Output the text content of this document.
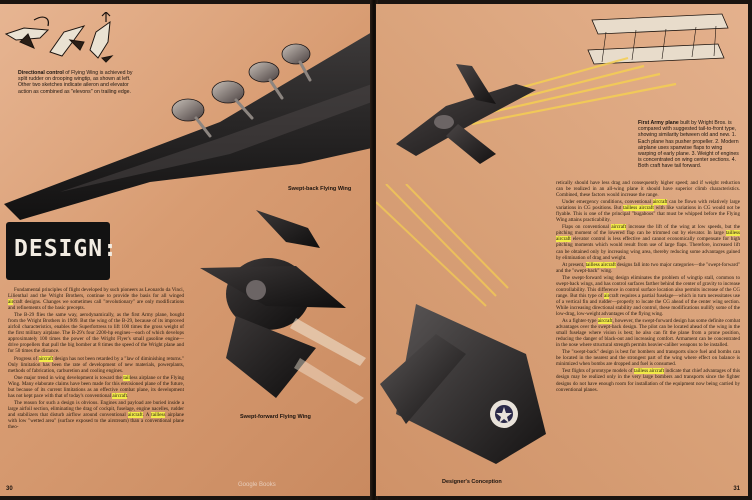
Directional control of Flying Wing is achieved by split rudder on drooping wingtip, as shown at left. Other two sketches indicate aileron and elevator action as combined as "elevons" on trailing edge.
Swept-back Flying Wing
DESIGN:
Swept-forward Flying Wing

Fundamental principles of flight developed by such pioneers as Leonardo da Vinci, Lilienthal and the Wright Brothers, continue to provide the basis for all winged aircraft designs. Changes we sometimes call "revolutionary" are only modifications and refinements of the basic precepts.

The B-29 flies the same way, aerodynamically, as the first Army plane, bought from the Wright Brothers in 1909. But the wing of the B-29, because of its improved airfoil characteristics, enables the Superfortress to lift 100 times the gross weight of the first military airplane. The B-29's four 2200-hp engines—each of which develops approximately 100 times the power of the Wright Flyer's small gasoline engine—drive propellers that pull the big bomber at 8 times the speed of the Wright plane and for 50 times the distance.

Progress of aircraft design has not been retarded by a "law of diminishing returns." Only limitation has been the rate of development of new materials, powerplants, methods of fabrication, carburetion and cooling engines.

One major trend in wing development is toward the tailless airplane or the Flying Wing. Many elaborate claims have been made for this envisioned plane of the future, but because of its current limitations as an effective combat plane, its development has not kept pace with that of today's conventional aircraft.

The reason for such a design is obvious. Engines and payload are buried inside a large airfoil section, eliminating the drag of cockpit, fuselage, engine nacelles, rudder and stabilizers that disturb airflow around conventional aircraft. A tailless airplane with low "wetted area" (surface exposed to the airstream) than a conventional plane theo-

30
First Army plane built by Wright Bros. is compared with suggested tail-to-front type, showing similarity between old and new. 1. Each plane has pusher propeller. 2. Modern airplane uses spanwise flaps to wing warping of early plane. 3. Weight of engines is concentrated on wing center sections. 4. Both craft have tail forward.
Designer's Conception

retically should have less drag and consequently higher speed; and if weight reduction can be realized in an all-wing plane it should have superior climb characteristics. Combined, these factors would increase the range.

Under emergency conditions, conventional aircraft can be flown with relatively large variations in CG positions. But tailless aircraft with like variations in CG would not be flyable. This is one of the principal "bugaboos" that must be whipped before the Flying Wing attains practicability.

Flaps on conventional aircraft increase the lift of the wing at low speeds, but the pitching moment of the lowered flap can be trimmed out by elevator. In large tailless aircraft elevator control is less effective and cannot economically compensate for high pitching moments which would result from use of large flaps. Therefore, increased lift can be obtained only by increasing wing area, thereby reducing some advantages gained by elimination of drag and weight.

At present, tailless aircraft designs fall into two major categories—the "swept-forward" and the "swept-back" wing.

The swept-forward wing design eliminates the problem of wingtip stall, common to swept-back wings, and has control surfaces farther behind the center of gravity to increase controllability. This difference in control surface location also permits increase of the CG range. But this type of aircraft requires a partial fuselage—which in turn necessitates use of a vertical fin and rudder—properly to locate the CG ahead of the center wing section. While increasing directional stability and control, these modifications nullify some of the low-drag, low-weight advantages of the flying wing.

As a fighter-type aircraft, however, the swept-forward design has some definite combat advantages over the swept-back design. The pilot can be located ahead of the wing in the small fuselage where vision is best; he also can fit the plane from a prone position, reducing the danger of black-out and increasing comfort. Armament can be concentrated in the nose where structural strength permits heavier-caliber weapons to be installed.

The "swept-back" design is best for bombers and transports since fuel and bombs can be located in the nearest and the strongest part of the wing where effect on balance is minimized when bombs are dropped and fuel is consumed.

Test flights of prototype models of tailless aircraft indicate that chief advantages of this design may be realized only in the very large bombers and transports since the fighter designs do not have enough room for installation of the equipment now being carried by conventional planes.

31
Google Books
